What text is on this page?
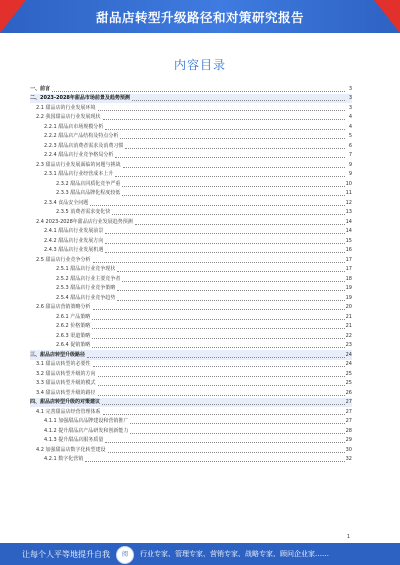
甜品店转型升级路径和对策研究报告
内容目录
一、前言	3
二、2023-2028年甜品市场前景及趋势预测	3
2.1 甜品店的行业发展环境	3
2.2 我国甜品店行业发展现状	4
2.2.1 甜品店市场规模分析	4
2.2.2 甜品店产品结构及特点分析	5
2.2.3 甜品店消费者需求及消费习惯	6
2.2.4 甜品店行业竞争格局分析	7
2.3 甜品店行业发展面临的问题与挑战	9
2.3.1 甜品店行业经营成本上升	9
2.3.2 甜品店同质化竞争严重	10
2.3.3 甜品店品牌化程度较低	11
2.3.4 食品安全问题	12
2.3.5 消费者需求变化快	13
2.4 2023-2028年甜品店行业发展趋势预测	14
2.4.1 甜品店行业发展前景	14
2.4.2 甜品店行业发展方向	15
2.4.3 甜品店行业发展机遇	16
2.5 甜品店行业竞争分析	17
2.5.1 甜品店行业竞争现状	17
2.5.2 甜品店行业主要竞争者	18
2.5.3 甜品店行业竞争策略	19
2.5.4 甜品店行业竞争趋势	19
2.6 甜品店营销策略分析	20
2.6.1 产品策略	21
2.6.2 价格策略	21
2.6.3 渠道策略	22
2.6.4 促销策略	23
三、甜品店转型升级路径	24
3.1 甜品店转型的必要性	24
3.2 甜品店转型升级的方向	25
3.3 甜品店转型升级的模式	25
3.4 甜品店转型升级的路径	26
四、甜品店转型升级的对策建议	27
4.1 完善甜品店经营管理体系	27
4.1.1 加强甜品店品牌建设和营销推广	27
4.1.2 提升甜品店产品研发和创新能力	28
4.1.3 提升甜品店服务质量	29
4.2 加强甜品店数字化转型建设	30
4.2.1 数字化营销	32
1
让每个人平等地提升自我	阅	行业专家、管理专家、营销专家、战略专家、顾问企业家……
